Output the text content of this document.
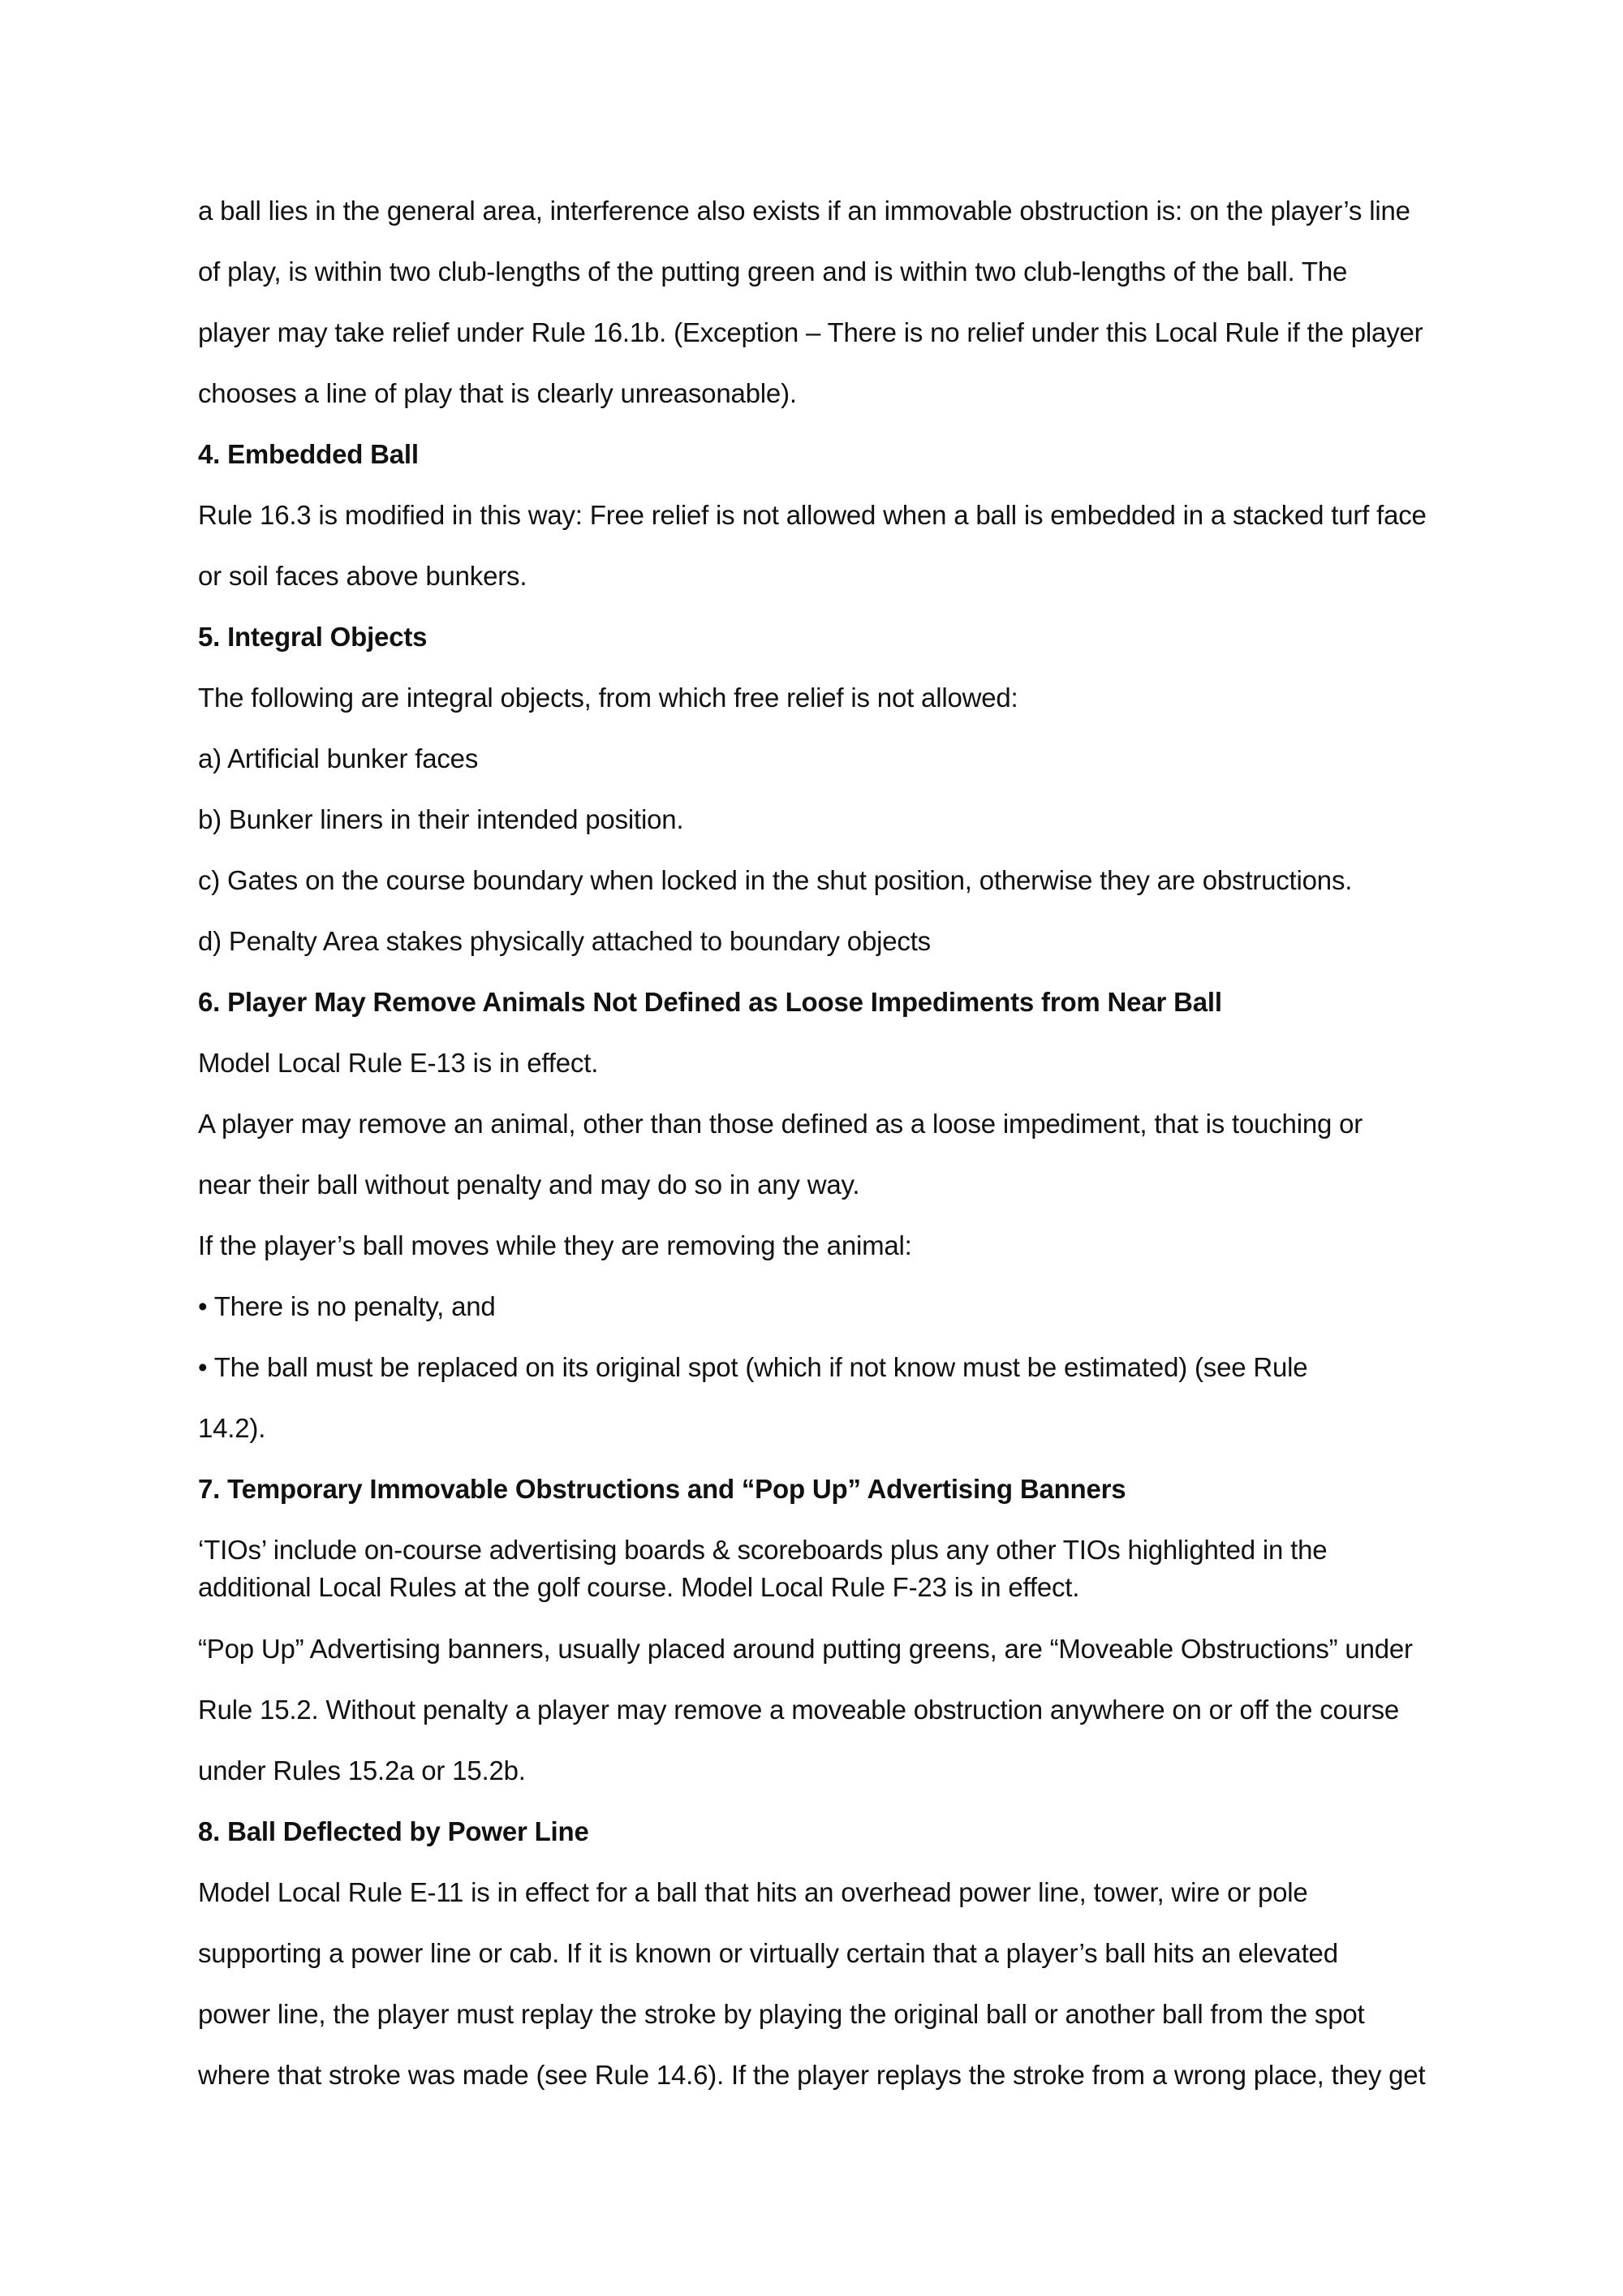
a ball lies in the general area, interference also exists if an immovable obstruction is: on the player’s line
of play, is within two club-lengths of the putting green and is within two club-lengths of the ball. The
player may take relief under Rule 16.1b. (Exception – There is no relief under this Local Rule if the player
chooses a line of play that is clearly unreasonable).
4. Embedded Ball
Rule 16.3 is modified in this way: Free relief is not allowed when a ball is embedded in a stacked turf face
or soil faces above bunkers.
5. Integral Objects
The following are integral objects, from which free relief is not allowed:
a) Artificial bunker faces
b) Bunker liners in their intended position.
c) Gates on the course boundary when locked in the shut position, otherwise they are obstructions.
d) Penalty Area stakes physically attached to boundary objects
6. Player May Remove Animals Not Defined as Loose Impediments from Near Ball
Model Local Rule E-13 is in effect.
A player may remove an animal, other than those defined as a loose impediment, that is touching or
near their ball without penalty and may do so in any way.
If the player’s ball moves while they are removing the animal:
• There is no penalty, and
• The ball must be replaced on its original spot (which if not know must be estimated) (see Rule
14.2).
7. Temporary Immovable Obstructions and “Pop Up” Advertising Banners
‘TIOs’ include on-course advertising boards & scoreboards plus any other TIOs highlighted in the
additional Local Rules at the golf course. Model Local Rule F-23 is in effect.
“Pop Up” Advertising banners, usually placed around putting greens, are “Moveable Obstructions” under
Rule 15.2. Without penalty a player may remove a moveable obstruction anywhere on or off the course
under Rules 15.2a or 15.2b.
8. Ball Deflected by Power Line
Model Local Rule E-11 is in effect for a ball that hits an overhead power line, tower, wire or pole
supporting a power line or cab. If it is known or virtually certain that a player’s ball hits an elevated
power line, the player must replay the stroke by playing the original ball or another ball from the spot
where that stroke was made (see Rule 14.6). If the player replays the stroke from a wrong place, they get
